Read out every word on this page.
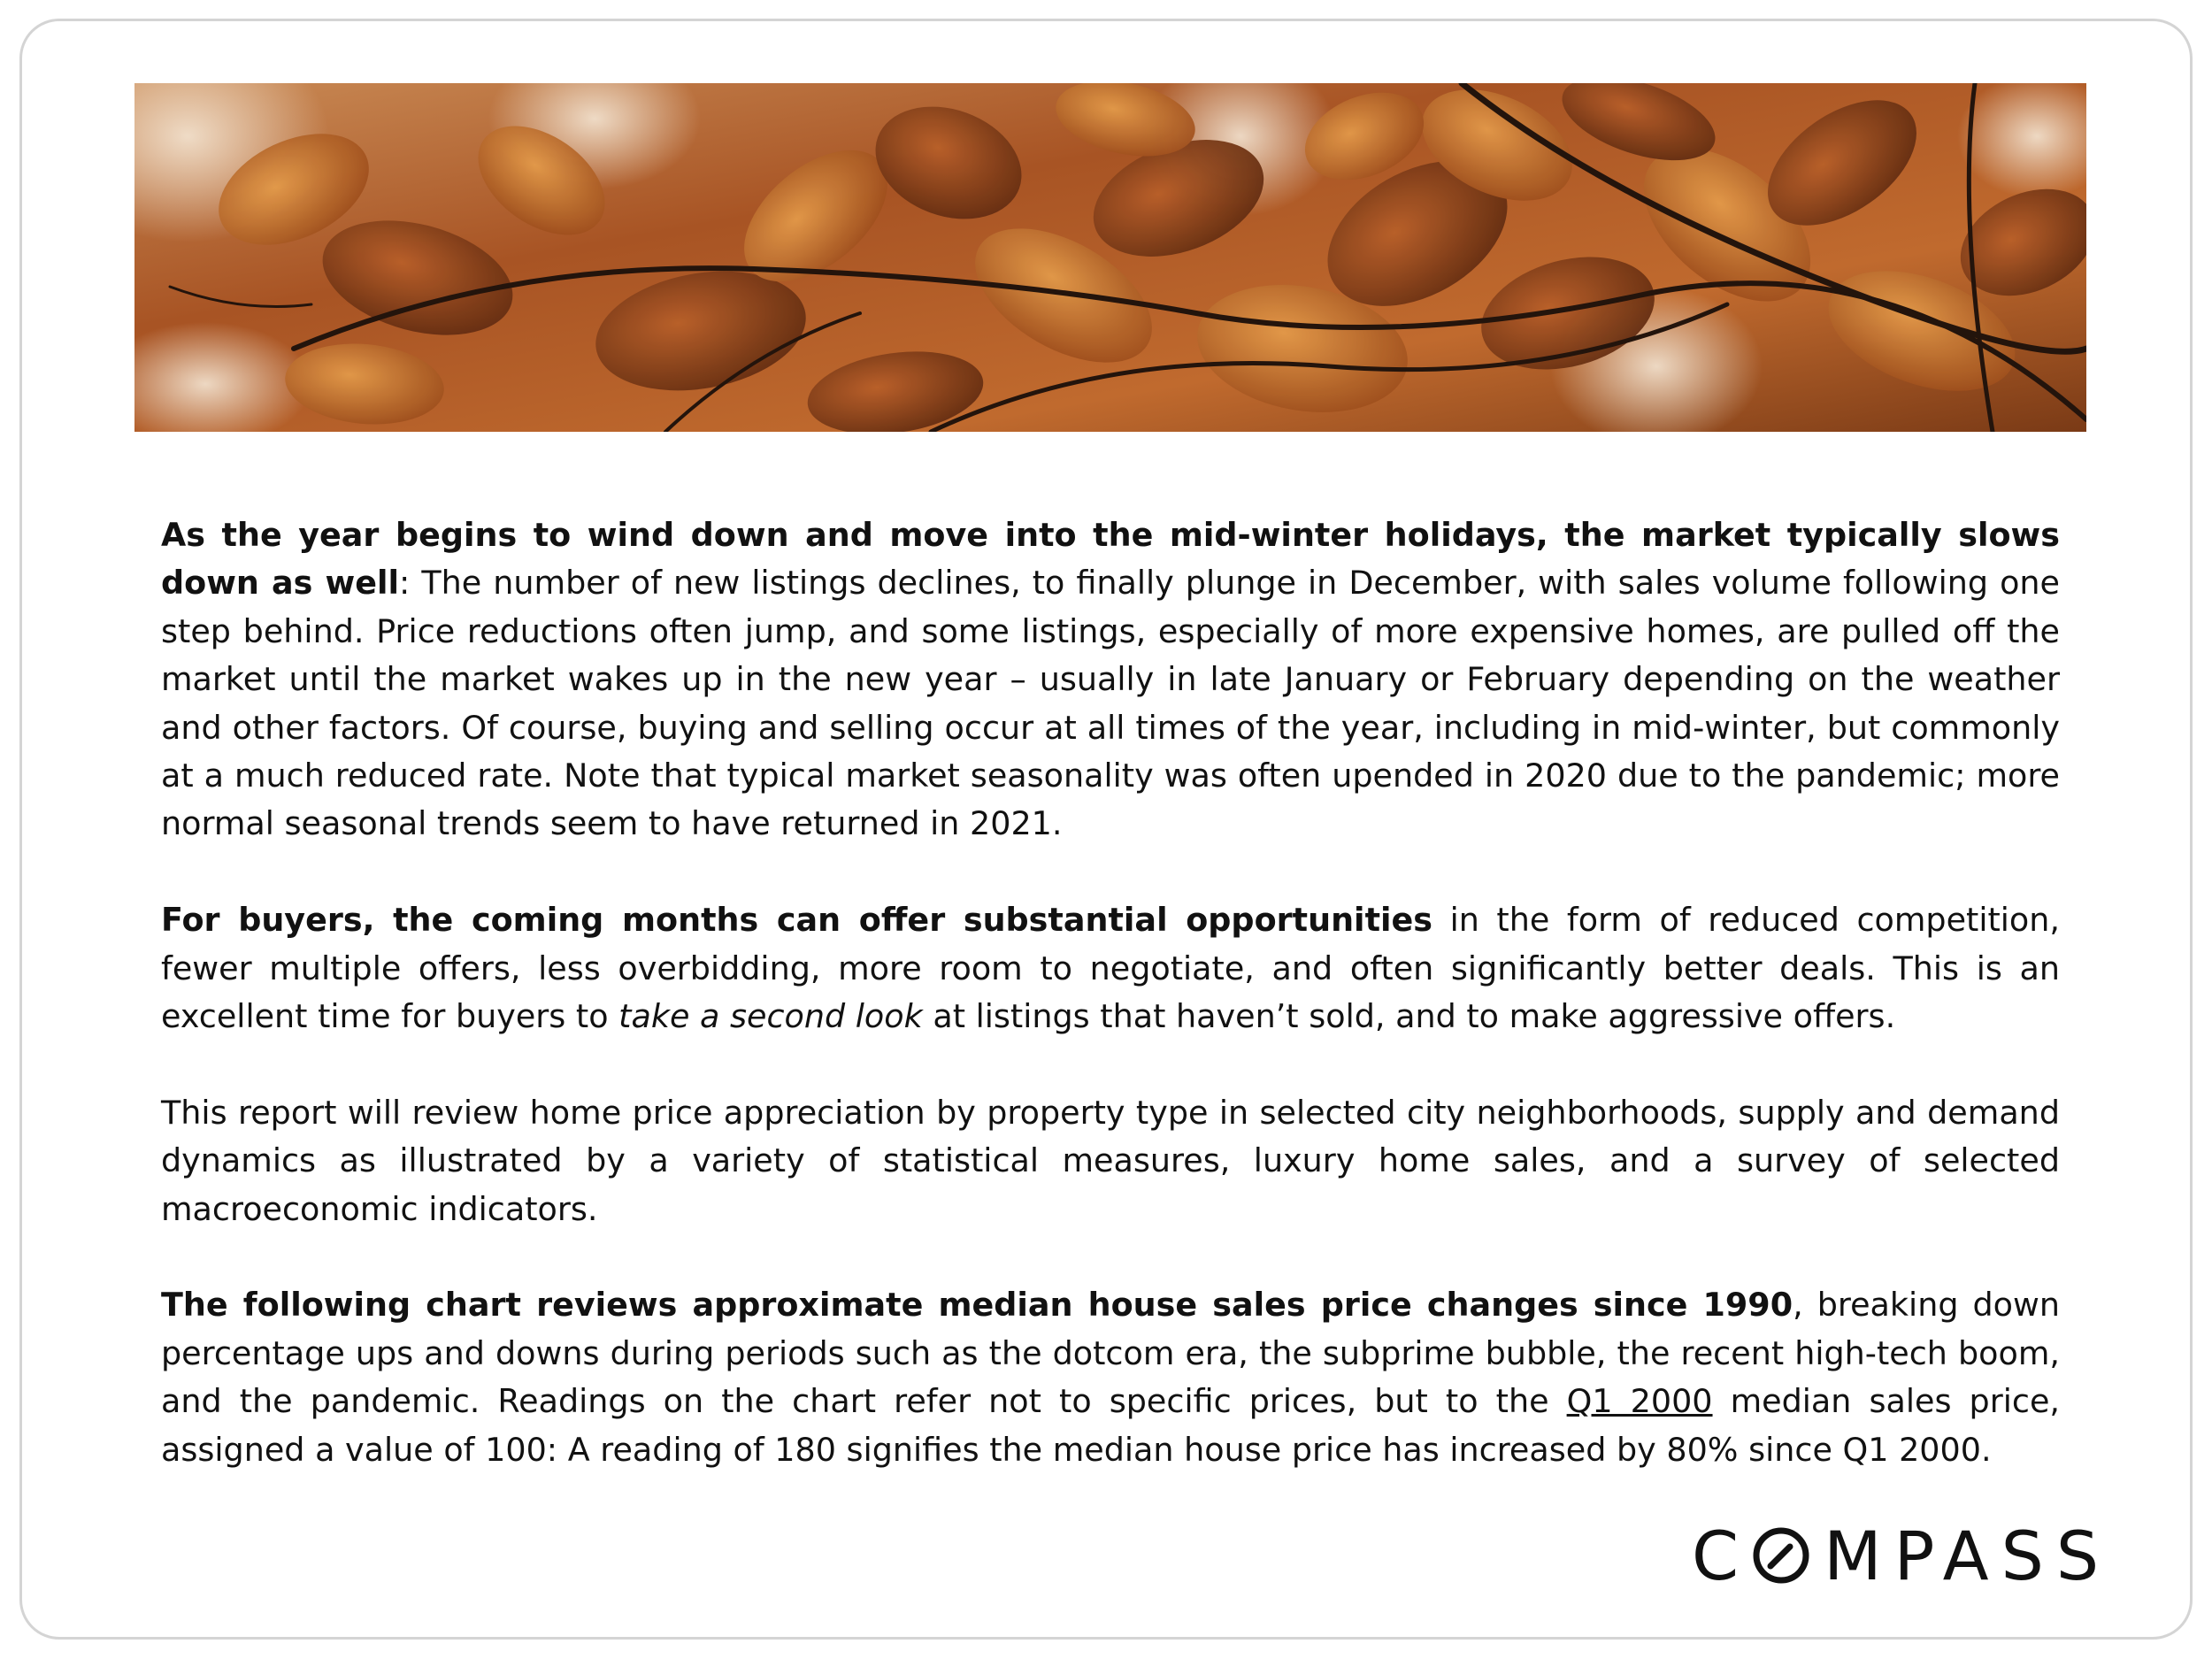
As the year begins to wind down and move into the mid-winter holidays, the market typically slows down as well: The number of new listings declines, to finally plunge in December, with sales volume following one step behind. Price reductions often jump, and some listings, especially of more expensive homes, are pulled off the market until the market wakes up in the new year – usually in late January or February depending on the weather and other factors. Of course, buying and selling occur at all times of the year, including in mid-winter, but commonly at a much reduced rate. Note that typical market seasonality was often upended in 2020 due to the pandemic; more normal seasonal trends seem to have returned in 2021.

For buyers, the coming months can offer substantial opportunities in the form of reduced competition, fewer multiple offers, less overbidding, more room to negotiate, and often significantly better deals. This is an excellent time for buyers to take a second look at listings that haven’t sold, and to make aggressive offers.

This report will review home price appreciation by property type in selected city neighborhoods, supply and demand dynamics as illustrated by a variety of statistical measures, luxury home sales, and a survey of selected macroeconomic indicators.

The following chart reviews approximate median house sales price changes since 1990, breaking down percentage ups and downs during periods such as the dotcom era, the subprime bubble, the recent high-tech boom, and the pandemic. Readings on the chart refer not to specific prices, but to the Q1 2000 median sales price, assigned a value of 100: A reading of 180 signifies the median house price has increased by 80% since Q1 2000.

C MPASS
